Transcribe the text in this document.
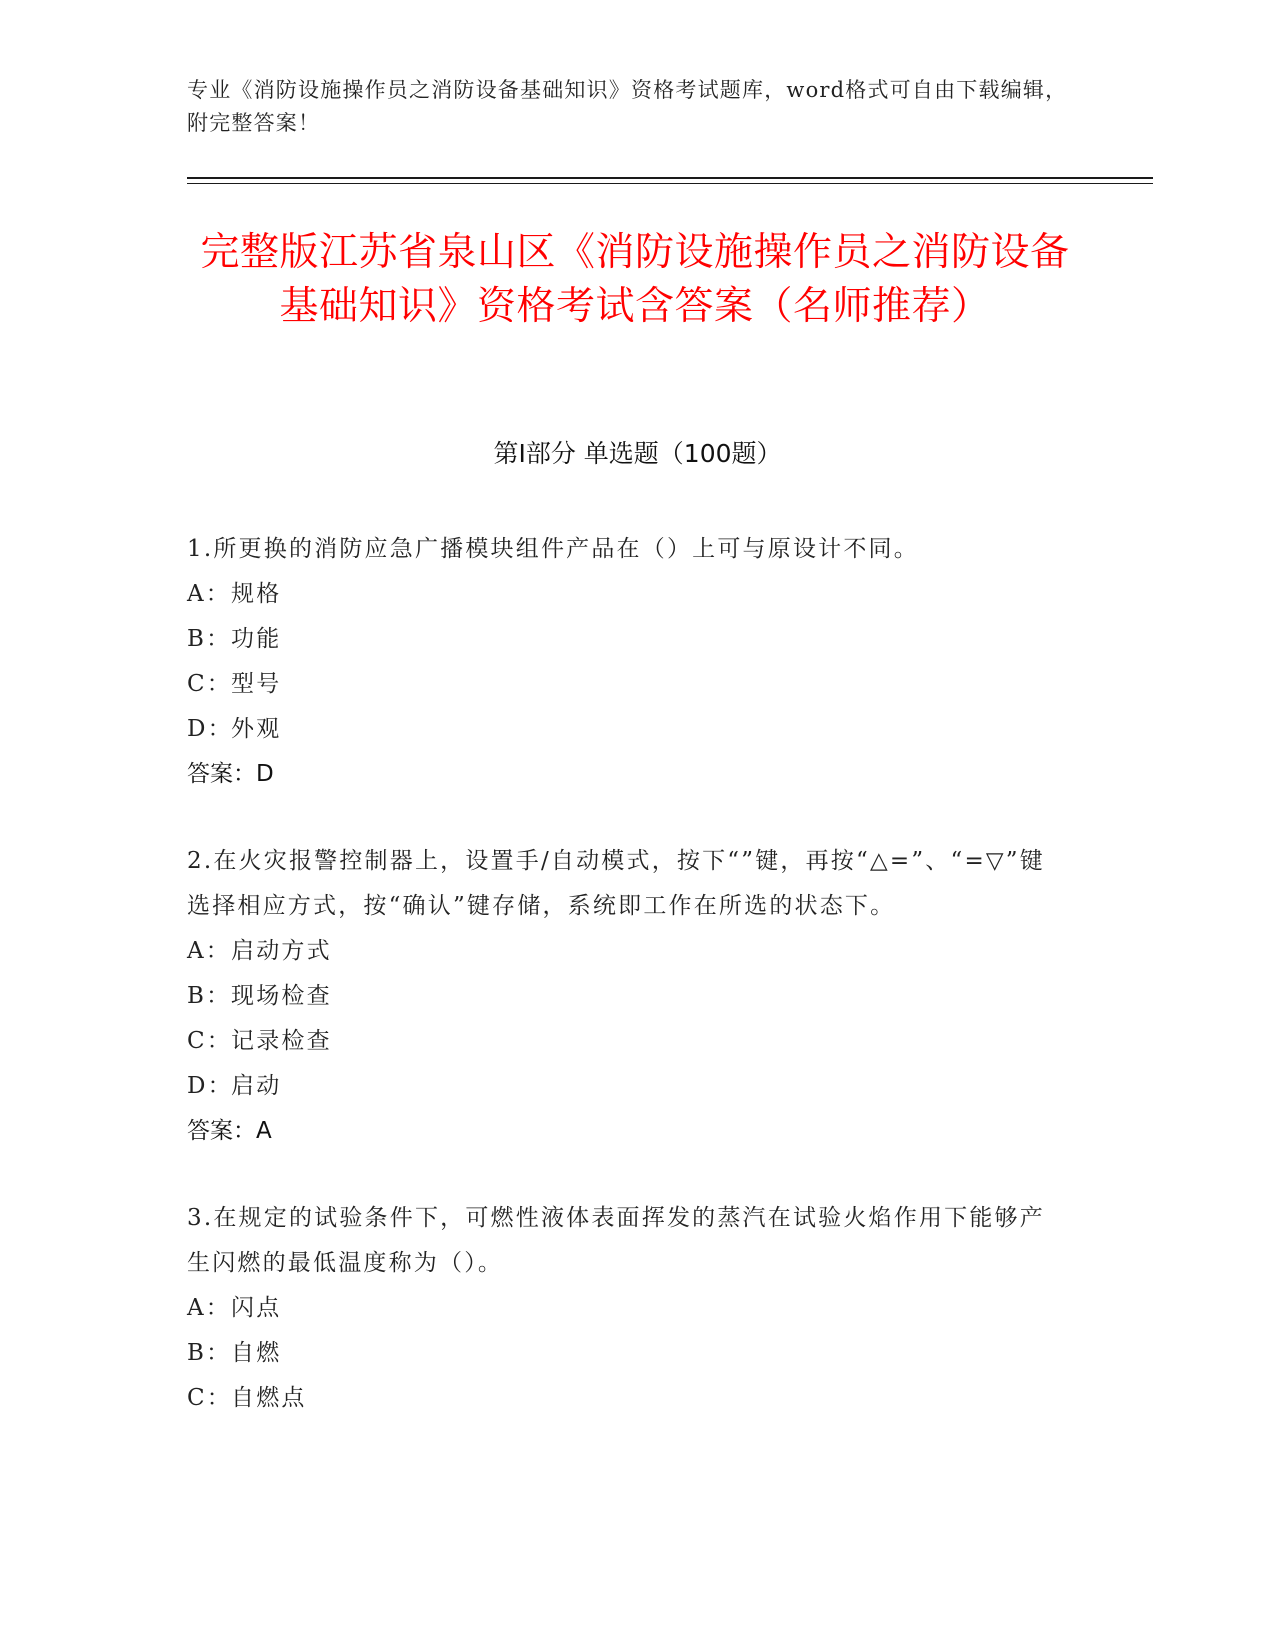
专业《消防设施操作员之消防设备基础知识》资格考试题库，word格式可自由下载编辑，附完整答案！
完整版江苏省泉山区《消防设施操作员之消防设备基础知识》资格考试含答案（名师推荐）
第Ⅰ部分 单选题（100题）

1.所更换的消防应急广播模块组件产品在（）上可与原设计不同。

A：规格

B：功能

C：型号

D：外观

答案：D

2.在火灾报警控制器上，设置手/自动模式，按下“”键，再按“△=”、“=▽”键选择相应方式，按“确认”键存储，系统即工作在所选的状态下。

A：启动方式

B：现场检查

C：记录检查

D：启动

答案：A

3.在规定的试验条件下，可燃性液体表面挥发的蒸汽在试验火焰作用下能够产生闪燃的最低温度称为（）。

A：闪点

B：自燃

C：自燃点
